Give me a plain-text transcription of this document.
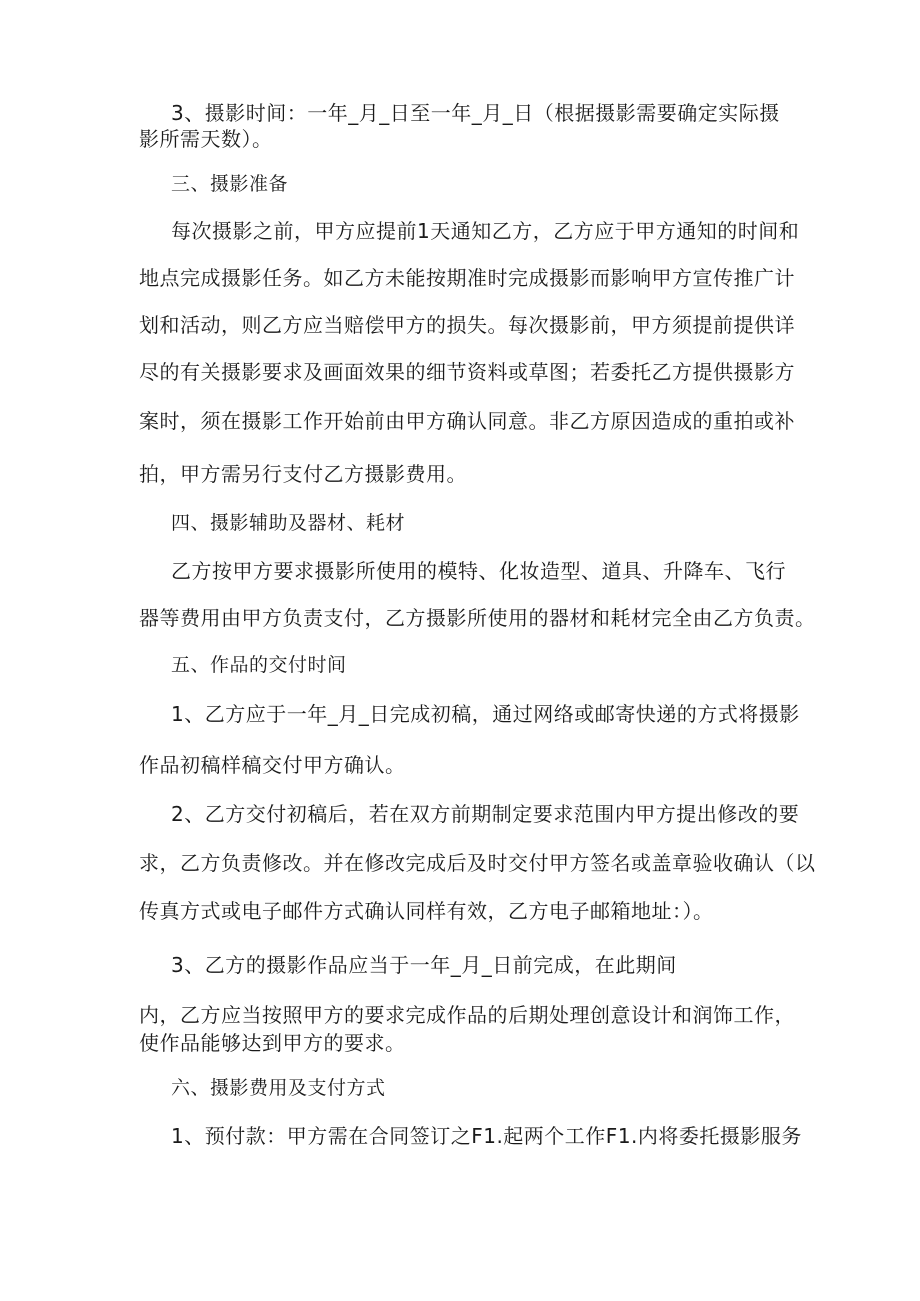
3、摄影时间：一年_月_日至一年_月_日（根据摄影需要确定实际摄
影所需天数）。
三、摄影准备
每次摄影之前，甲方应提前1天通知乙方，乙方应于甲方通知的时间和
地点完成摄影任务。如乙方未能按期准时完成摄影而影响甲方宣传推广计
划和活动，则乙方应当赔偿甲方的损失。每次摄影前，甲方须提前提供详
尽的有关摄影要求及画面效果的细节资料或草图；若委托乙方提供摄影方
案时，须在摄影工作开始前由甲方确认同意。非乙方原因造成的重拍或补
拍，甲方需另行支付乙方摄影费用。
四、摄影辅助及器材、耗材
乙方按甲方要求摄影所使用的模特、化妆造型、道具、升降车、飞行
器等费用由甲方负责支付，乙方摄影所使用的器材和耗材完全由乙方负责。
五、作品的交付时间
1、乙方应于一年_月_日完成初稿，通过网络或邮寄快递的方式将摄影
作品初稿样稿交付甲方确认。
2、乙方交付初稿后，若在双方前期制定要求范围内甲方提出修改的要
求，乙方负责修改。并在修改完成后及时交付甲方签名或盖章验收确认（以
传真方式或电子邮件方式确认同样有效，乙方电子邮箱地址：）。
3、乙方的摄影作品应当于一年_月_日前完成，在此期间
内，乙方应当按照甲方的要求完成作品的后期处理创意设计和润饰工作，
使作品能够达到甲方的要求。
六、摄影费用及支付方式
1、预付款：甲方需在合同签订之F1.起两个工作F1.内将委托摄影服务
